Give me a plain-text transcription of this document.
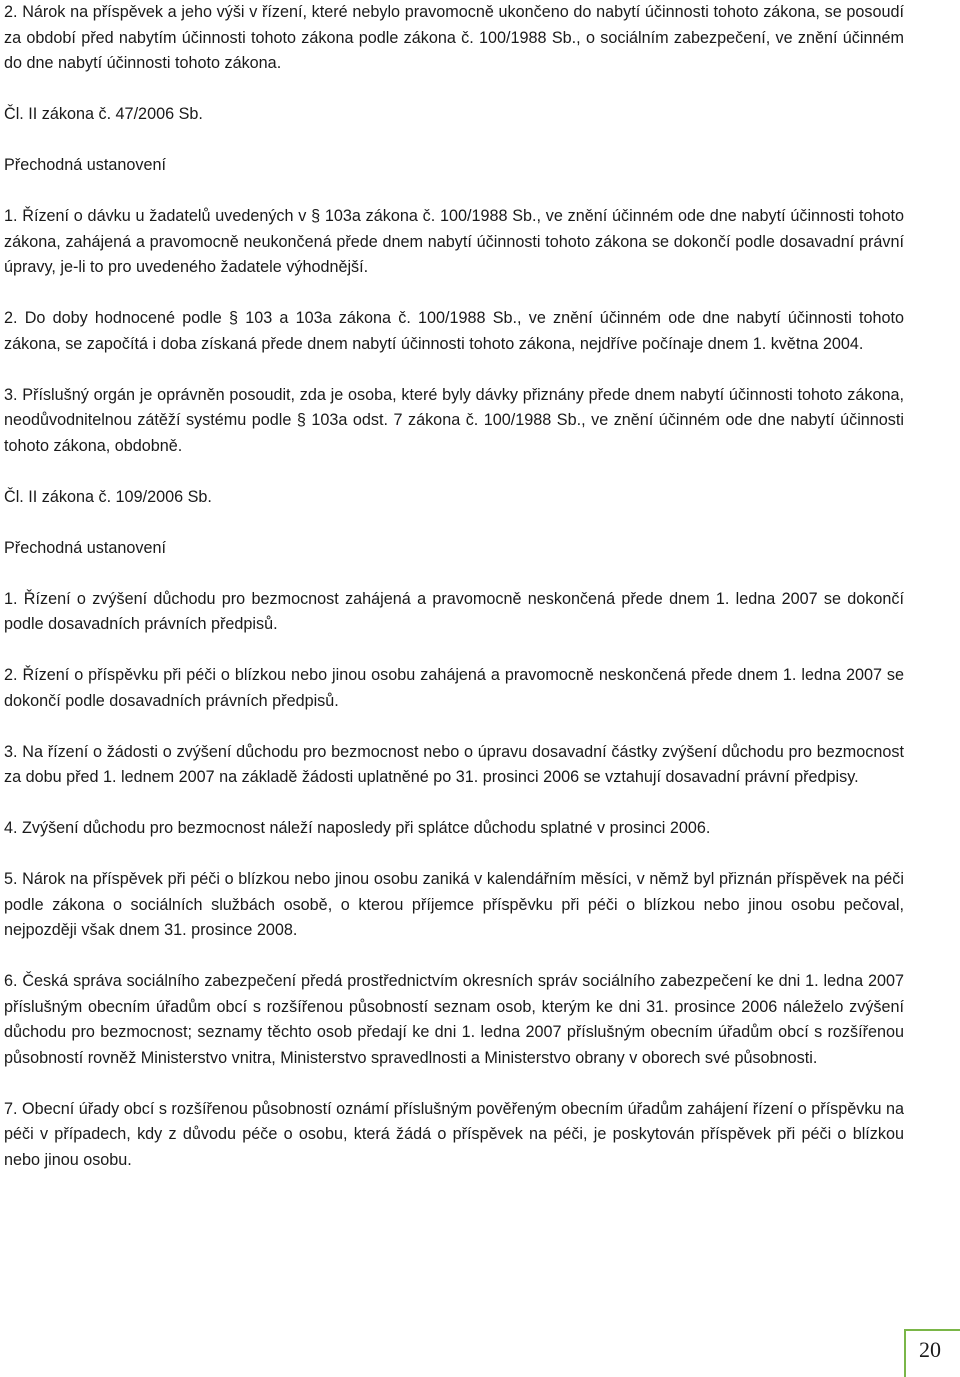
2. Nárok na příspěvek a jeho výši v řízení, které nebylo pravomocně ukončeno do nabytí účinnosti tohoto zákona, se posoudí za období před nabytím účinnosti tohoto zákona podle zákona č. 100/1988 Sb., o sociálním zabezpečení, ve znění účinném do dne nabytí účinnosti tohoto zákona.

Čl. II zákona č. 47/2006 Sb.

Přechodná ustanovení

1. Řízení o dávku u žadatelů uvedených v § 103a zákona č. 100/1988 Sb., ve znění účinném ode dne nabytí účinnosti tohoto zákona, zahájená a pravomocně neukončená přede dnem nabytí účinnosti tohoto zákona se dokončí podle dosavadní právní úpravy, je-li to pro uvedeného žadatele výhodnější.

2. Do doby hodnocené podle § 103 a 103a zákona č. 100/1988 Sb., ve znění účinném ode dne nabytí účinnosti tohoto zákona, se započítá i doba získaná přede dnem nabytí účinnosti tohoto zákona, nejdříve počínaje dnem 1. května 2004.

3. Příslušný orgán je oprávněn posoudit, zda je osoba, které byly dávky přiznány přede dnem nabytí účinnosti tohoto zákona, neodůvodnitelnou zátěží systému podle § 103a odst. 7 zákona č. 100/1988 Sb., ve znění účinném ode dne nabytí účinnosti tohoto zákona, obdobně.

Čl. II zákona č. 109/2006 Sb.

Přechodná ustanovení

1. Řízení o zvýšení důchodu pro bezmocnost zahájená a pravomocně neskončená přede dnem 1. ledna 2007 se dokončí podle dosavadních právních předpisů.

2. Řízení o příspěvku při péči o blízkou nebo jinou osobu zahájená a pravomocně neskončená přede dnem 1. ledna 2007 se dokončí podle dosavadních právních předpisů.

3. Na řízení o žádosti o zvýšení důchodu pro bezmocnost nebo o úpravu dosavadní částky zvýšení důchodu pro bezmocnost za dobu před 1. lednem 2007 na základě žádosti uplatněné po 31. prosinci 2006 se vztahují dosavadní právní předpisy.

4. Zvýšení důchodu pro bezmocnost náleží naposledy při splátce důchodu splatné v prosinci 2006.

5. Nárok na příspěvek při péči o blízkou nebo jinou osobu zaniká v kalendářním měsíci, v němž byl přiznán příspěvek na péči podle zákona o sociálních službách osobě, o kterou příjemce příspěvku při péči o blízkou nebo jinou osobu pečoval, nejpozději však dnem 31. prosince 2008.

6. Česká správa sociálního zabezpečení předá prostřednictvím okresních správ sociálního zabezpečení ke dni 1. ledna 2007 příslušným obecním úřadům obcí s rozšířenou působností seznam osob, kterým ke dni 31. prosince 2006 náleželo zvýšení důchodu pro bezmocnost; seznamy těchto osob předají ke dni 1. ledna 2007 příslušným obecním úřadům obcí s rozšířenou působností rovněž Ministerstvo vnitra, Ministerstvo spravedlnosti a Ministerstvo obrany v oborech své působnosti.

7. Obecní úřady obcí s rozšířenou působností oznámí příslušným pověřeným obecním úřadům zahájení řízení o příspěvku na péči v případech, kdy z důvodu péče o osobu, která žádá o příspěvek na péči, je poskytován příspěvek při péči o blízkou nebo jinou osobu.

20
